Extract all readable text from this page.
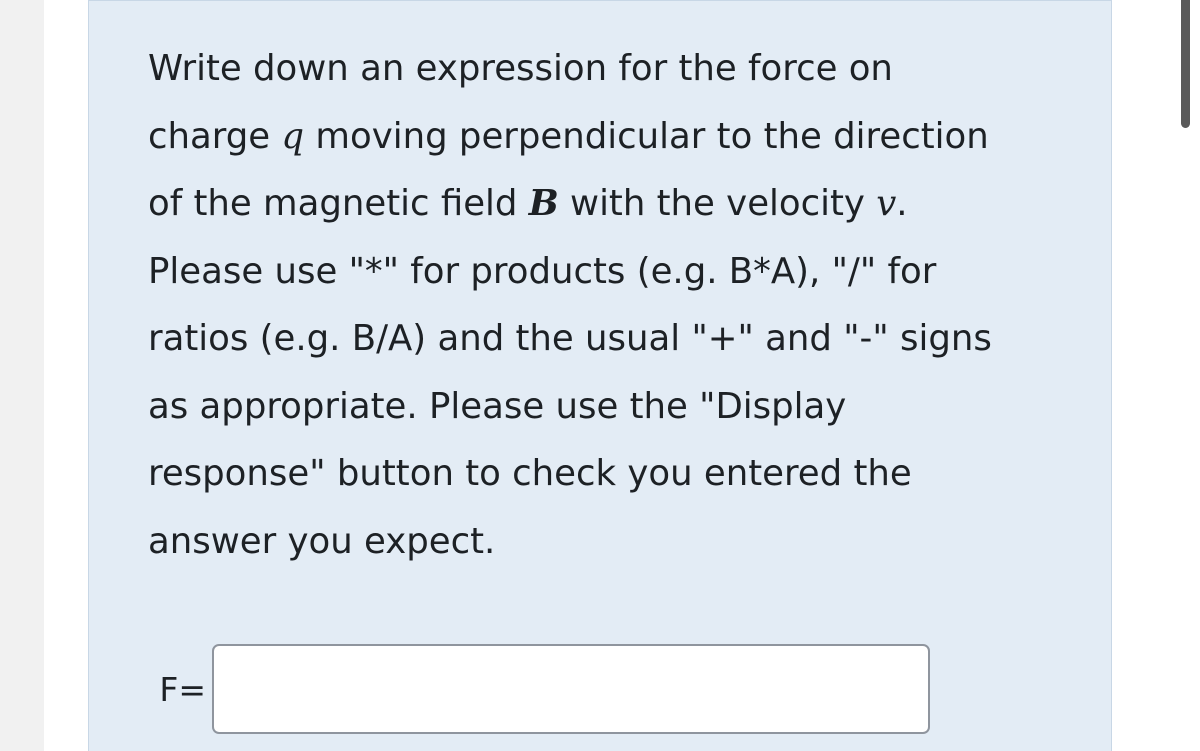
Write down an expression for the force on
charge q moving perpendicular to the direction
of the magnetic field B with the velocity v.
Please use "*" for products (e.g. B*A), "/" for
ratios (e.g. B/A) and the usual "+" and "-" signs
as appropriate. Please use the "Display
response" button to check you entered the
answer you expect.
F=
